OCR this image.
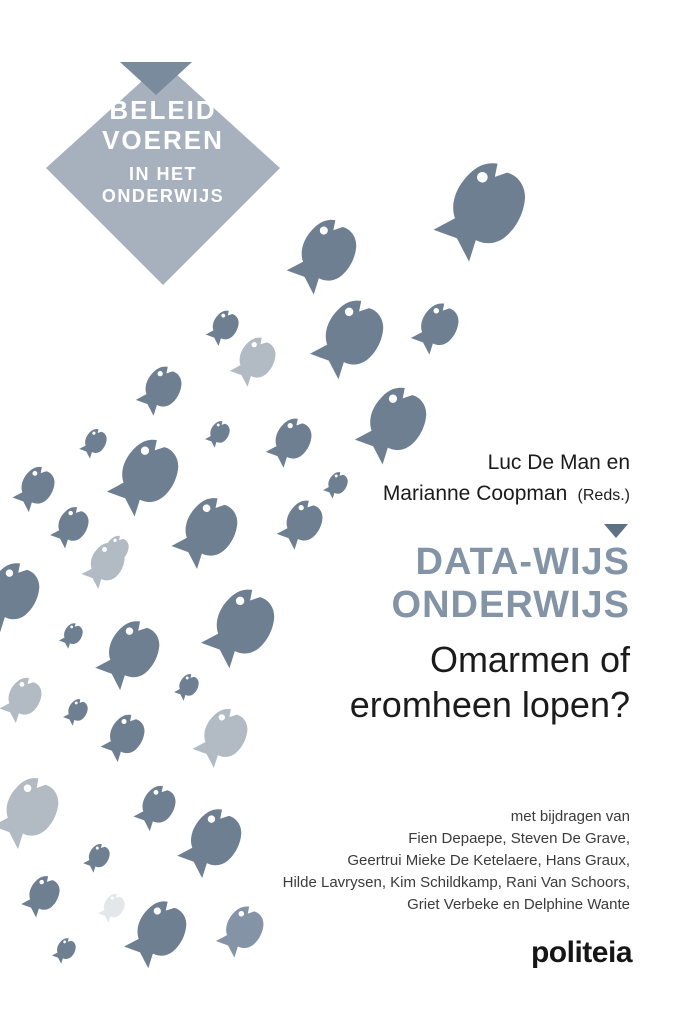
BELEID
VOEREN
IN HET
ONDERWIJS
Luc De Man en
Marianne Coopman (Reds.)
DATA-WIJS
ONDERWIJS
Omarmen of
eromheen lopen?
met bijdragen van
Fien Depaepe, Steven De Grave,
Geertrui Mieke De Ketelaere, Hans Graux,
Hilde Lavrysen, Kim Schildkamp, Rani Van Schoors,
Griet Verbeke en Delphine Wante
politeia
